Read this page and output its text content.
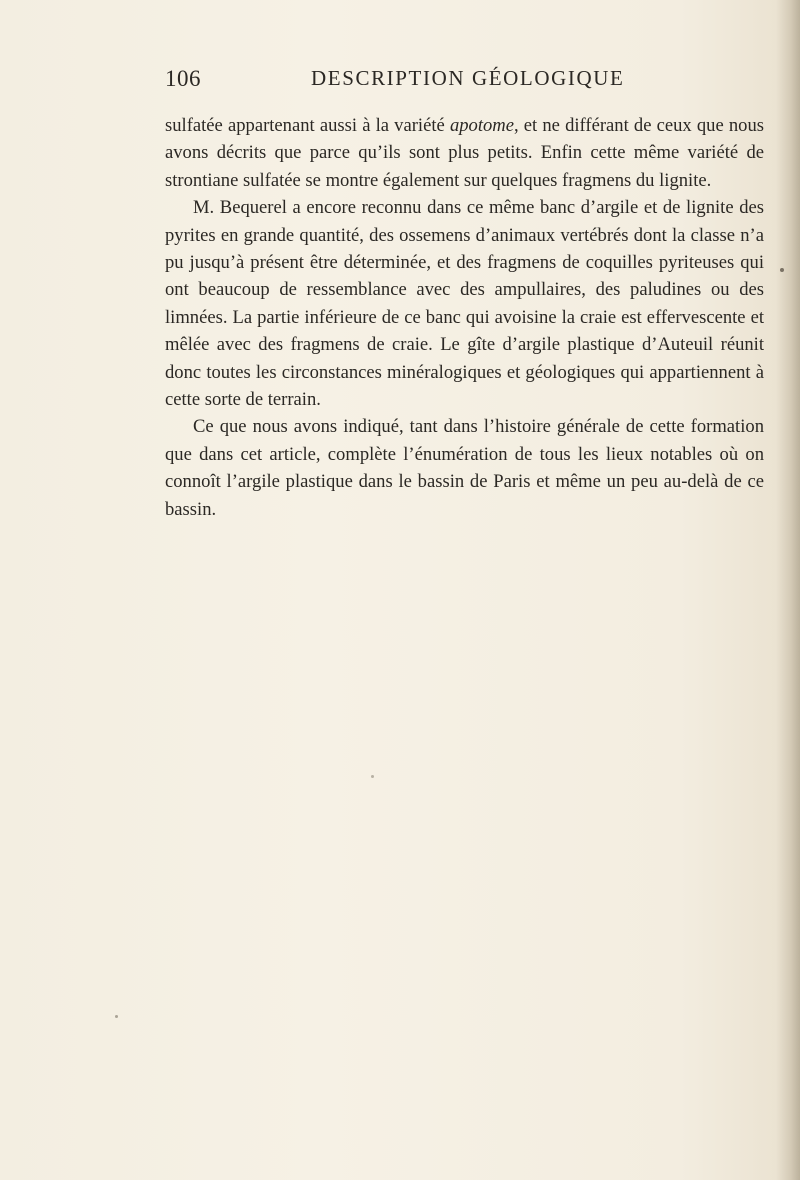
106	DESCRIPTION GÉOLOGIQUE

sulfatée appartenant aussi à la variété apotome, et ne différant de ceux que nous avons décrits que parce qu’ils sont plus petits. Enfin cette même variété de strontiane sulfatée se montre également sur quelques fragmens du lignite.

M. Bequerel a encore reconnu dans ce même banc d’argile et de lignite des pyrites en grande quantité, des ossemens d’animaux vertébrés dont la classe n’a pu jusqu’à présent être déterminée, et des fragmens de coquilles pyriteuses qui ont beaucoup de ressemblance avec des ampullaires, des paludines ou des limnées. La partie inférieure de ce banc qui avoisine la craie est effervescente et mêlée avec des fragmens de craie. Le gîte d’argile plastique d’Auteuil réunit donc toutes les circonstances minéralogiques et géologiques qui appartiennent à cette sorte de terrain.

Ce que nous avons indiqué, tant dans l’histoire générale de cette formation que dans cet article, complète l’énumération de tous les lieux notables où on connoît l’argile plastique dans le bassin de Paris et même un peu au-delà de ce bassin.
